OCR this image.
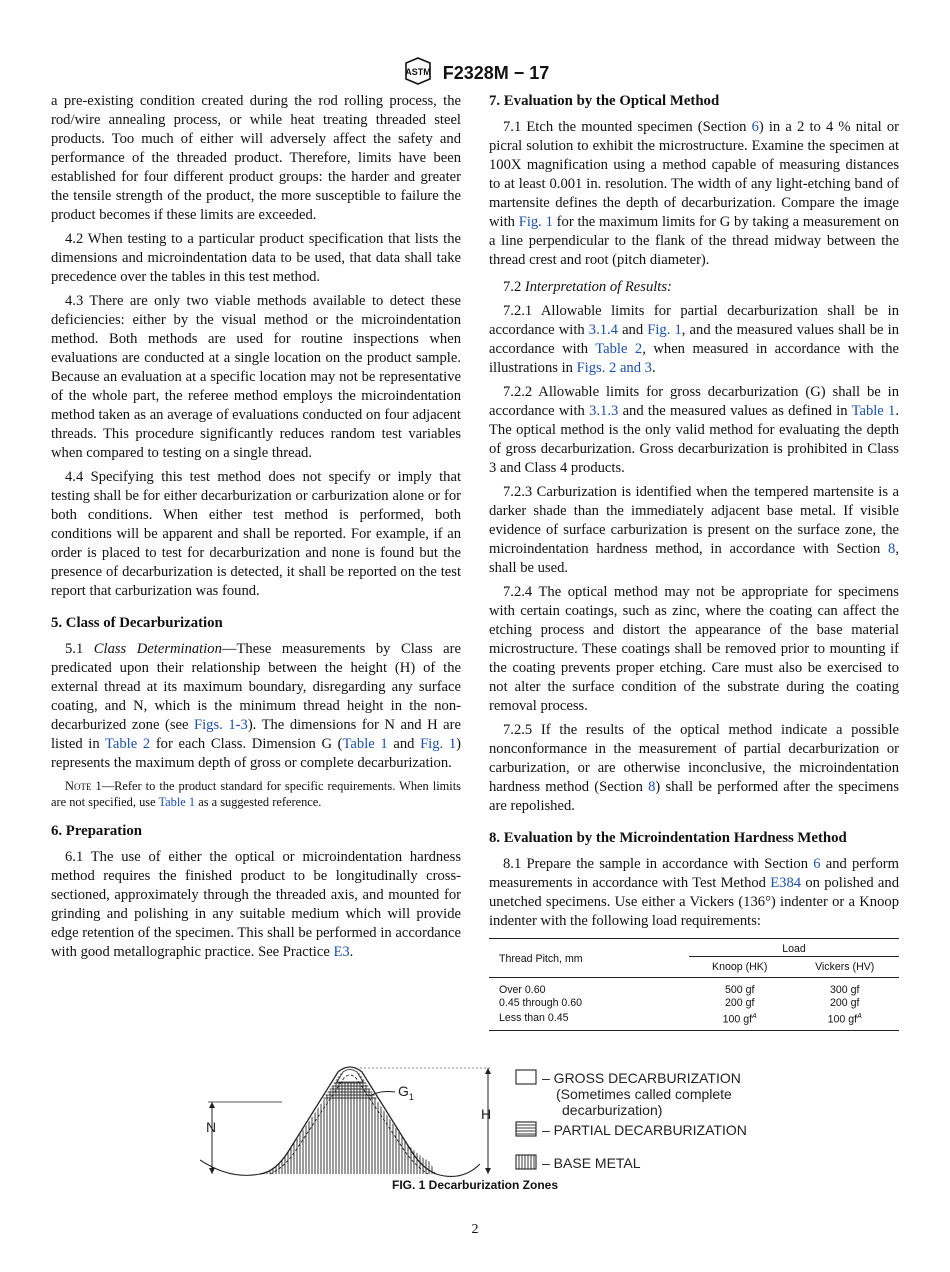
ASTM F2328M − 17

a pre-existing condition created during the rod rolling process, the rod/wire annealing process, or while heat treating threaded steel products. Too much of either will adversely affect the safety and performance of the threaded product. Therefore, limits have been established for four different product groups: the harder and greater the tensile strength of the product, the more susceptible to failure the product becomes if these limits are exceeded.

4.2 When testing to a particular product specification that lists the dimensions and microindentation data to be used, that data shall take precedence over the tables in this test method.

4.3 There are only two viable methods available to detect these deficiencies: either by the visual method or the microindentation method. Both methods are used for routine inspections when evaluations are conducted at a single location on the product sample. Because an evaluation at a specific location may not be representative of the whole part, the referee method employs the microindentation method taken as an average of evaluations conducted on four adjacent threads. This procedure significantly reduces random test variables when compared to testing on a single thread.

4.4 Specifying this test method does not specify or imply that testing shall be for either decarburization or carburization alone or for both conditions. When either test method is performed, both conditions will be apparent and shall be reported. For example, if an order is placed to test for decarburization and none is found but the presence of decarburization is detected, it shall be reported on the test report that carburization was found.

5. Class of Decarburization

5.1 Class Determination—These measurements by Class are predicated upon their relationship between the height (H) of the external thread at its maximum boundary, disregarding any surface coating, and N, which is the minimum thread height in the non-decarburized zone (see Figs. 1-3). The dimensions for N and H are listed in Table 2 for each Class. Dimension G (Table 1 and Fig. 1) represents the maximum depth of gross or complete decarburization.

Note 1—Refer to the product standard for specific requirements. When limits are not specified, use Table 1 as a suggested reference.

6. Preparation

6.1 The use of either the optical or microindentation hardness method requires the finished product to be longitudinally cross-sectioned, approximately through the threaded axis, and mounted for grinding and polishing in any suitable medium which will provide edge retention of the specimen. This shall be performed in accordance with good metallographic practice. See Practice E3.

7. Evaluation by the Optical Method

7.1 Etch the mounted specimen (Section 6) in a 2 to 4 % nital or picral solution to exhibit the microstructure. Examine the specimen at 100X magnification using a method capable of measuring distances to at least 0.001 in. resolution. The width of any light-etching band of martensite defines the depth of decarburization. Compare the image with Fig. 1 for the maximum limits for G by taking a measurement on a line perpendicular to the flank of the thread midway between the thread crest and root (pitch diameter).

7.2 Interpretation of Results:

7.2.1 Allowable limits for partial decarburization shall be in accordance with 3.1.4 and Fig. 1, and the measured values shall be in accordance with Table 2, when measured in accordance with the illustrations in Figs. 2 and 3.

7.2.2 Allowable limits for gross decarburization (G) shall be in accordance with 3.1.3 and the measured values as defined in Table 1. The optical method is the only valid method for evaluating the depth of gross decarburization. Gross decarburization is prohibited in Class 3 and Class 4 products.

7.2.3 Carburization is identified when the tempered martensite is a darker shade than the immediately adjacent base metal. If visible evidence of surface carburization is present on the surface zone, the microindentation hardness method, in accordance with Section 8, shall be used.

7.2.4 The optical method may not be appropriate for specimens with certain coatings, such as zinc, where the coating can affect the etching process and distort the appearance of the base material microstructure. These coatings shall be removed prior to mounting if the coating prevents proper etching. Care must also be exercised to not alter the surface condition of the substrate during the coating removal process.

7.2.5 If the results of the optical method indicate a possible nonconformance in the measurement of partial decarburization or carburization, or are otherwise inconclusive, the microindentation hardness method (Section 8) shall be performed after the specimens are repolished.

8. Evaluation by the Microindentation Hardness Method

8.1 Prepare the sample in accordance with Section 6 and perform measurements in accordance with Test Method E384 on polished and unetched specimens. Use either a Vickers (136°) indenter or a Knoop indenter with the following load requirements:

Thread Pitch, mm	Load	
	Knoop (HK)	Vickers (HV)
Over 0.60	500 gf	300 gf
0.45 through 0.60	200 gf	200 gf
Less than 0.45	100 $gf^A$	100 $gf^A$
N
$G_1$
H
– GROSS DECARBURIZATION
(Sometimes called complete
decarburization)
– PARTIAL DECARBURIZATION
– BASE METAL
FIG. 1 Decarburization Zones
2
